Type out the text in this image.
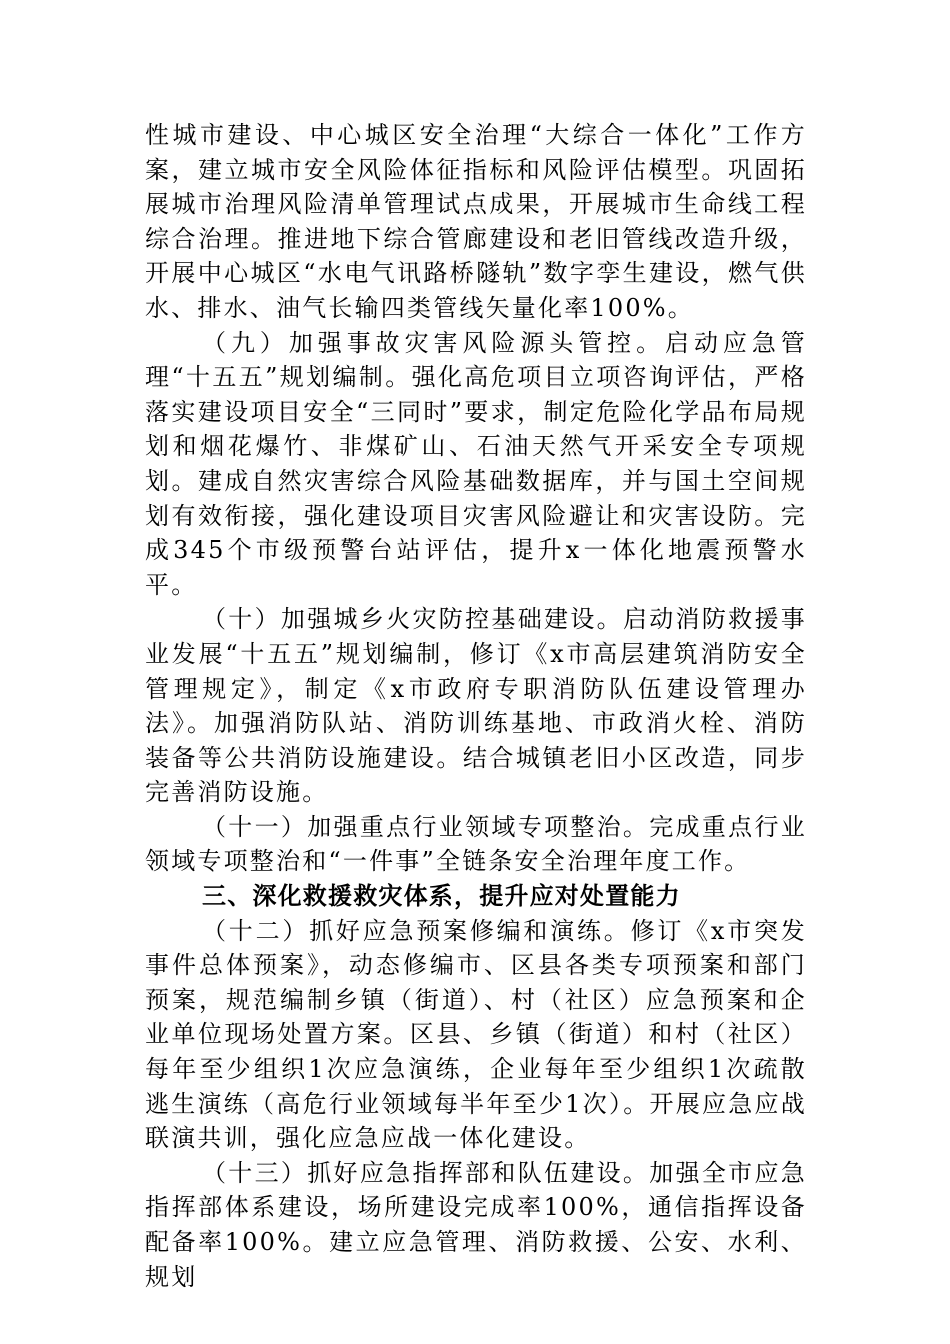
性城市建设、中心城区安全治理“大综合一体化”工作方案，建立城市安全风险体征指标和风险评估模型。巩固拓展城市治理风险清单管理试点成果，开展城市生命线工程综合治理。推进地下综合管廊建设和老旧管线改造升级，开展中心城区“水电气讯路桥隧轨”数字孪生建设，燃气供水、排水、油气长输四类管线矢量化率100%。

（九）加强事故灾害风险源头管控。启动应急管理“十五五”规划编制。强化高危项目立项咨询评估，严格落实建设项目安全“三同时”要求，制定危险化学品布局规划和烟花爆竹、非煤矿山、石油天然气开采安全专项规划。建成自然灾害综合风险基础数据库，并与国土空间规划有效衔接，强化建设项目灾害风险避让和灾害设防。完成345个市级预警台站评估，提升x一体化地震预警水平。

（十）加强城乡火灾防控基础建设。启动消防救援事业发展“十五五”规划编制，修订《x市高层建筑消防安全管理规定》，制定《x市政府专职消防队伍建设管理办法》。加强消防队站、消防训练基地、市政消火栓、消防装备等公共消防设施建设。结合城镇老旧小区改造，同步完善消防设施。

（十一）加强重点行业领域专项整治。完成重点行业领域专项整治和“一件事”全链条安全治理年度工作。

三、深化救援救灾体系，提升应对处置能力

（十二）抓好应急预案修编和演练。修订《x市突发事件总体预案》，动态修编市、区县各类专项预案和部门预案，规范编制乡镇（街道）、村（社区）应急预案和企业单位现场处置方案。区县、乡镇（街道）和村（社区）每年至少组织1次应急演练，企业每年至少组织1次疏散逃生演练（高危行业领域每半年至少1次）。开展应急应战联演共训，强化应急应战一体化建设。

（十三）抓好应急指挥部和队伍建设。加强全市应急指挥部体系建设，场所建设完成率100%，通信指挥设备配备率100%。建立应急管理、消防救援、公安、水利、规划
